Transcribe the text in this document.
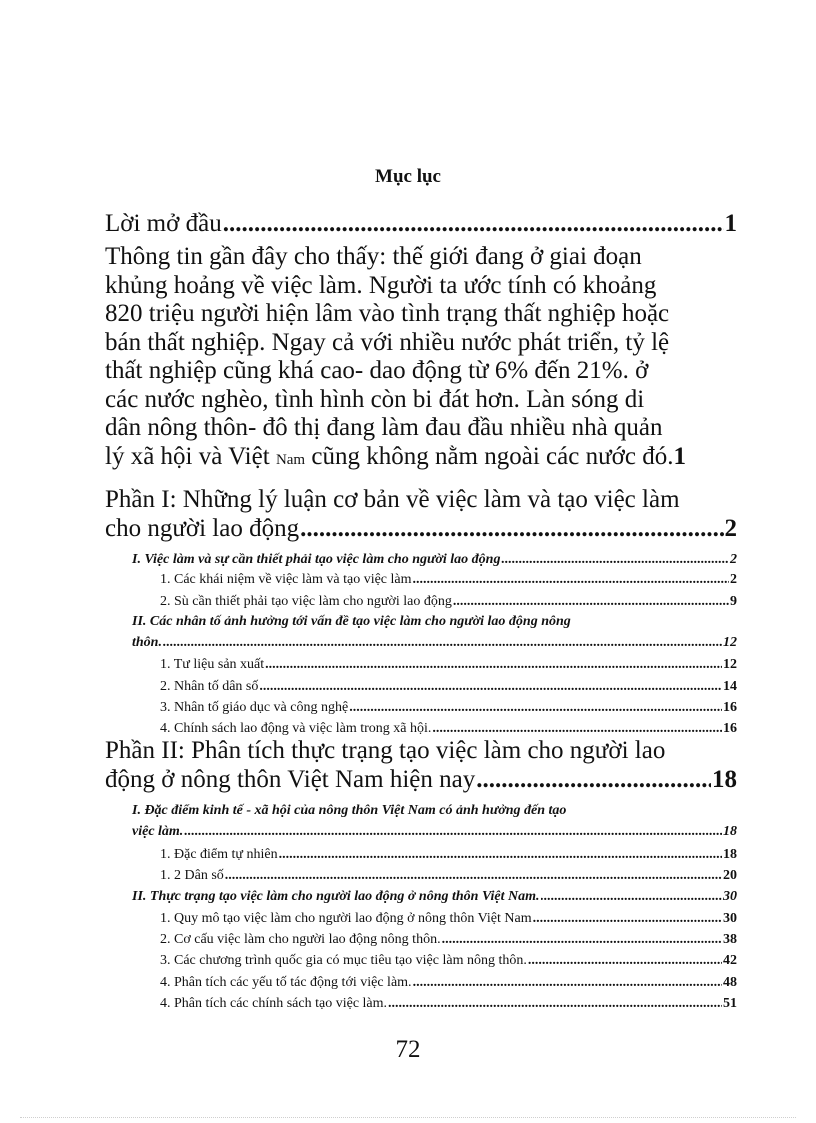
Mục lục
Lời mở đầu .....	1
Thông tin gần đây cho thấy: thế giới đang ở giai đoạn
khủng hoảng về việc làm. Người ta ước tính có khoảng
820 triệu người hiện lâm vào tình trạng thất nghiệp hoặc
bán thất nghiệp. Ngay cả với nhiều nước phát triển, tỷ lệ
thất nghiệp cũng khá cao- dao động từ 6% đến 21%. ở
các nước nghèo, tình hình còn bi đát hơn. Làn sóng di
dân nông thôn- đô thị đang làm đau đầu nhiều nhà quản
lý xã hội và Việt Nam cũng không nằm ngoài các nước đó.1
Phần I: Những lý luận cơ bản về việc làm và tạo việc làm
cho người lao động .....	2
I. Việc làm và sự cần thiết phải tạo việc làm cho người lao động .....	2
1. Các khái niệm về việc làm và tạo việc làm .....	2
2. Sù cần thiết phải tạo việc làm cho người lao động .....	9
II. Các nhân tố ảnh hưởng tới vấn đề tạo việc làm cho người lao động nông
thôn. .....	12
1. Tư liệu sản xuất .....	12
2. Nhân tố dân số .....	14
3. Nhân tố giáo dục và công nghệ .....	16
4. Chính sách lao động và việc làm trong xã hội. .....	16
Phần II: Phân tích thực trạng tạo việc làm cho người lao
động ở nông thôn Việt Nam hiện nay .....	18
I. Đặc điểm kinh tế - xã hội của nông thôn Việt Nam có ảnh hưởng đến tạo
việc làm. .....	18
1. Đặc điểm tự nhiên .....	18
1. 2 Dân số .....	20
II. Thực trạng tạo việc làm cho người lao động ở nông thôn Việt Nam. .....	30
1. Quy mô tạo việc làm cho người lao động ở nông thôn Việt Nam .....	30
2. Cơ cấu việc làm cho người lao động nông thôn. .....	38
3. Các chương trình quốc gia có mục tiêu tạo việc làm nông thôn. .....	42
4. Phân tích các yếu tố tác động tới việc làm. .....	48
4. Phân tích các chính sách tạo việc làm. .....	51
72
